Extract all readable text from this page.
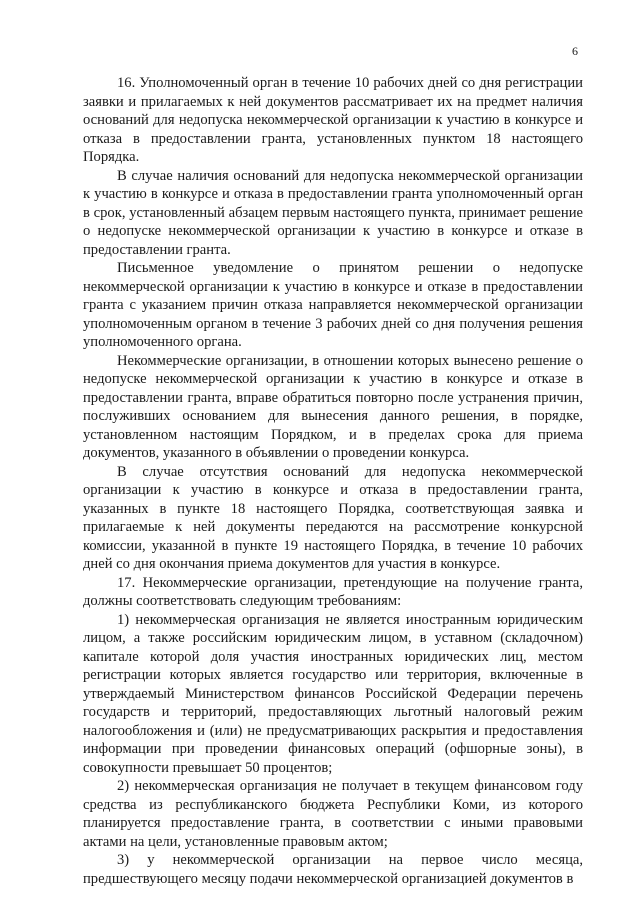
6

16. Уполномоченный орган в течение 10 рабочих дней со дня регистрации заявки и прилагаемых к ней документов рассматривает их на предмет наличия оснований для недопуска некоммерческой организации к участию в конкурсе и отказа в предоставлении гранта, установленных пунктом 18 настоящего Порядка.

В случае наличия оснований для недопуска некоммерческой организации к участию в конкурсе и отказа в предоставлении гранта уполномоченный орган в срок, установленный абзацем первым настоящего пункта, принимает решение о недопуске некоммерческой организации к участию в конкурсе и отказе в предоставлении гранта.

Письменное уведомление о принятом решении о недопуске некоммерческой организации к участию в конкурсе и отказе в предоставлении гранта с указанием причин отказа направляется некоммерческой организации уполномоченным органом в течение 3 рабочих дней со дня получения решения уполномоченного органа.

Некоммерческие организации, в отношении которых вынесено решение о недопуске некоммерческой организации к участию в конкурсе и отказе в предоставлении гранта, вправе обратиться повторно после устранения причин, послуживших основанием для вынесения данного решения, в порядке, установленном настоящим Порядком, и в пределах срока для приема документов, указанного в объявлении о проведении конкурса.

В случае отсутствия оснований для недопуска некоммерческой организации к участию в конкурсе и отказа в предоставлении гранта, указанных в пункте 18 настоящего Порядка, соответствующая заявка и прилагаемые к ней документы передаются на рассмотрение конкурсной комиссии, указанной в пункте 19 настоящего Порядка, в течение 10 рабочих дней со дня окончания приема документов для участия в конкурсе.

17. Некоммерческие организации, претендующие на получение гранта, должны соответствовать следующим требованиям:

1) некоммерческая организация не является иностранным юридическим лицом, а также российским юридическим лицом, в уставном (складочном) капитале которой доля участия иностранных юридических лиц, местом регистрации которых является государство или территория, включенные в утверждаемый Министерством финансов Российской Федерации перечень государств и территорий, предоставляющих льготный налоговый режим налогообложения и (или) не предусматривающих раскрытия и предоставления информации при проведении финансовых операций (офшорные зоны), в совокупности превышает 50 процентов;

2) некоммерческая организация не получает в текущем финансовом году средства из республиканского бюджета Республики Коми, из которого планируется предоставление гранта, в соответствии с иными правовыми актами на цели, установленные правовым актом;

3) у некоммерческой организации на первое число месяца, предшествующего месяцу подачи некоммерческой организацией документов в
